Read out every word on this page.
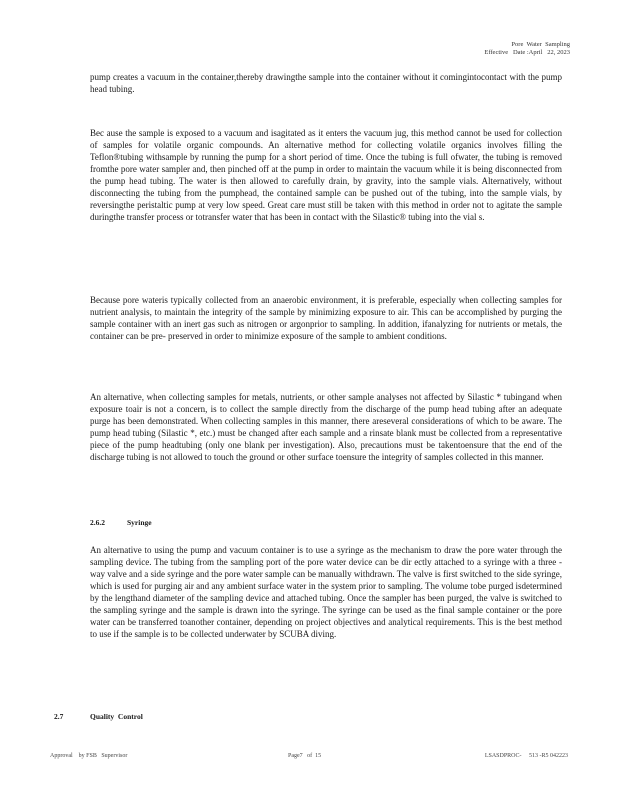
Pore  Water  Sampling
Effective   Date :April   22, 2023

pump creates a vacuum in the container,thereby drawingthe sample into the container without it comingintocontact with the pump head tubing.

Bec ause the sample is exposed to a vacuum and isagitated as it enters the vacuum jug, this method cannot be used for collection of samples for volatile organic compounds. An alternative method for collecting volatile organics involves filling the Teflon®tubing withsample by running the pump for a short period of time. Once the tubing is full ofwater, the tubing is removed fromthe pore water sampler and, then pinched off at the pump in order to maintain the vacuum while it is being disconnected from the pump head tubing. The water is then allowed to carefully drain, by gravity, into the sample vials. Alternatively, without disconnecting the tubing from the pumphead, the contained sample can be pushed out of the tubing, into the sample vials, by reversingthe peristaltic pump at very low speed. Great care must still be taken with this method in order not to agitate the sample duringthe transfer process or totransfer water that has been in contact with the Silastic® tubing into the vial s.

Because pore wateris typically collected from an anaerobic environment, it is preferable, especially when collecting samples for nutrient analysis, to maintain the integrity of the sample by minimizing exposure to air. This can be accomplished by purging the sample container with an inert gas such as nitrogen or argonprior to sampling. In addition, ifanalyzing for nutrients or metals, the container can be pre- preserved in order to minimize exposure of the sample to ambient conditions.

An alternative, when collecting samples for metals, nutrients, or other sample analyses not affected by Silastic * tubingand when exposure toair is not a concern, is to collect the sample directly from the discharge of the pump head tubing after an adequate purge has been demonstrated. When collecting samples in this manner, there areseveral considerations of which to be aware. The pump head tubing (Silastic *, etc.) must be changed after each sample and a rinsate blank must be collected from a representative piece of the pump headtubing (only one blank per investigation). Also, precautions must be takentoensure that the end of the discharge tubing is not allowed to touch the ground or other surface toensure the integrity of samples collected in this manner.

2.6.2	Syringe

An alternative to using the pump and vacuum container is to use a syringe as the mechanism to draw the pore water through the sampling device. The tubing from the sampling port of the pore water device can be dir ectly attached to a syringe with a three -way valve and a side syringe and the pore water sample can be manually withdrawn. The valve is first switched to the side syringe, which is used for purging air and any ambient surface water in the system prior to sampling. The volume tobe purged isdetermined by the lengthand diameter of the sampling device and attached tubing. Once the sampler has been purged, the valve is switched to the sampling syringe and the sample is drawn into the syringe. The syringe can be used as the final sample container or the pore water can be transferred toanother container, depending on project objectives and analytical requirements. This is the best method to use if the sample is to be collected underwater by SCUBA diving.

2.7	Quality  Control
Approval    by FSB   Supervisor	Page7   of  15	LSASDPROC-     513 -R5 042223
